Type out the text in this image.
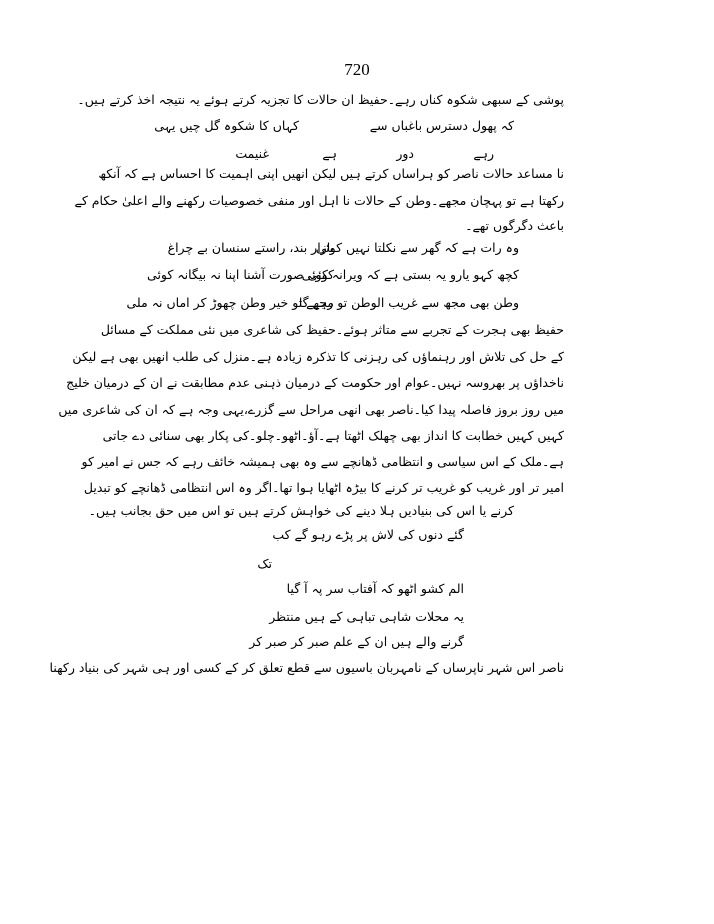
720
پوشی کے سبھی شکوہ کناں رہے۔حفیظ ان حالات کا تجزیہ کرتے ہوئے یہ نتیجہ اخذ کرتے ہیں۔
کہاں کا شکوہ گل چیں یہی	کہ پھول دسترس باغباں سے
غنیمت	ہے	دور	رہے
نا مساعد حالات ناصر کو ہراساں کرتے ہیں لیکن انھیں اپنی اہمیت کا احساس ہے کہ آنکھ
رکھتا ہے تو پہچان مجھے۔وطن کے حالات نا اہل اور منفی خصوصیات رکھنے والے اعلیٰ حکام کے
باعث دگرگوں تھے۔
بازار بند، راستے سنسان بے چراغ
وہ رات ہے کہ گھر سے نکلتا نہیں کوئی
کوئی صورت آشنا اپنا نہ بیگانہ کوئی
کچھ کہو یارو یہ بستی ہے کہ ویرانہ کوئی
مجھے تو خیر وطن چھوڑ کر اماں نہ ملی
وطن بھی مجھ سے غریب الوطن تو رہے گا
حفیظ بھی ہجرت کے تجربے سے متاثر ہوئے۔حفیظ کی شاعری میں نئی مملکت کے مسائل
کے حل کی تلاش اور رہنماؤں کی رہزنی کا تذکرہ زیادہ ہے۔منزل کی طلب انھیں بھی ہے لیکن
ناخداؤں پر بھروسہ نہیں۔عوام اور حکومت کے درمیان ذہنی عدم مطابقت نے ان کے درمیان خلیج
میں روز بروز فاصلہ پیدا کیا۔ناصر بھی انھی مراحل سے گزرے،یہی وجہ ہے کہ ان کی شاعری میں
کہیں کہیں خطابت کا انداز بھی چھلک اٹھتا ہے۔آؤ۔اٹھو۔چلو۔کی پکار بھی سنائی دے جاتی
ہے۔ملک کے اس سیاسی و انتظامی ڈھانچے سے وہ بھی ہمیشہ خائف رہے کہ جس نے امیر کو
امیر تر اور غریب کو غریب تر کرنے کا بیڑہ اٹھایا ہوا تھا۔اگر وہ اس انتظامی ڈھانچے کو تبدیل
کرنے یا اس کی بنیادیں ہلا دینے کی خواہش کرتے ہیں تو اس میں حق بجانب ہیں۔
گئے دنوں کی لاش پر پڑے رہو گے کب
تک
الم کشو اٹھو کہ آفتاب سر پہ آ گیا
یہ محلات شاہی تباہی کے ہیں منتظر
گرنے والے ہیں ان کے علم صبر کر صبر کر
ناصر اس شہر ناپرساں کے نامہربان باسیوں سے قطع تعلق کر کے کسی اور ہی شہر کی بنیاد رکھنا
